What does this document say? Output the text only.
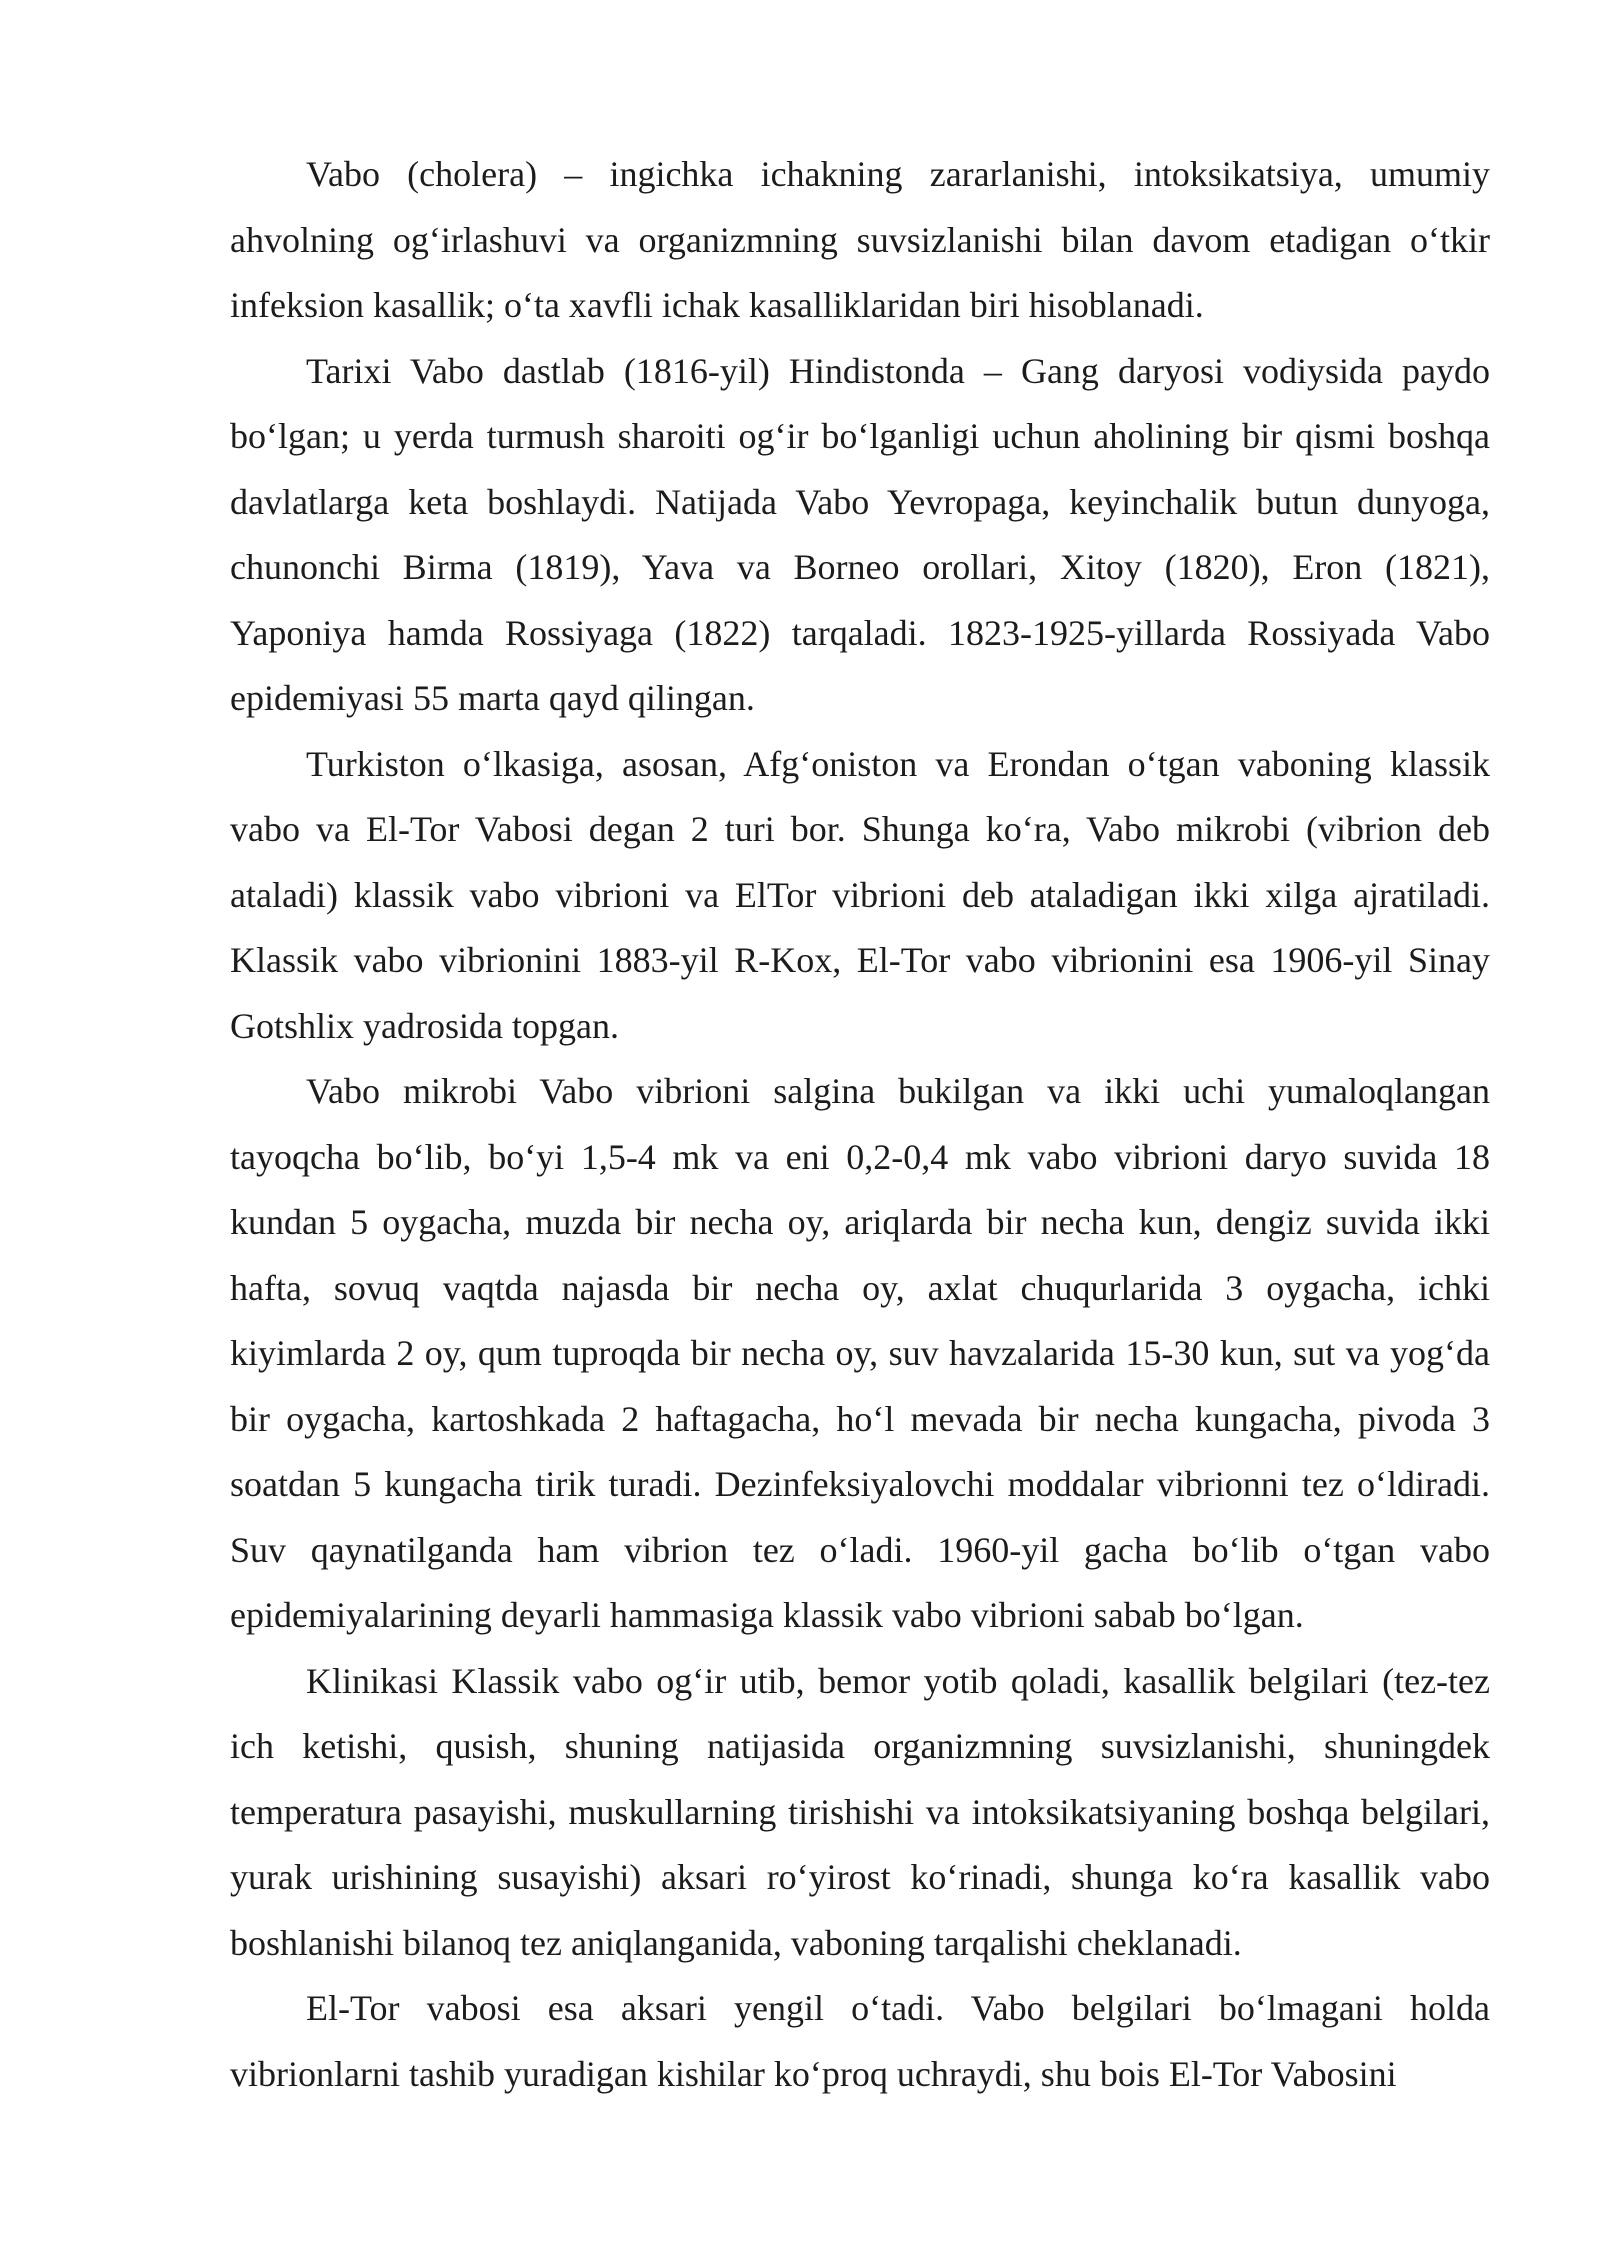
Vabo (cholera) – ingichka ichakning zararlanishi, intoksikatsiya, umumiy ahvolning ogʻirlashuvi va organizmning suvsizlanishi bilan davom etadigan oʻtkir infeksion kasallik; oʻta xavfli ichak kasalliklaridan biri hisoblanadi.

Tarixi Vabo dastlab (1816-yil) Hindistonda – Gang daryosi vodiysida paydo boʻlgan; u yerda turmush sharoiti ogʻir boʻlganligi uchun aholining bir qismi boshqa davlatlarga keta boshlaydi. Natijada Vabo Yevropaga, keyinchalik butun dunyoga, chunonchi Birma (1819), Yava va Borneo orollari, Xitoy (1820), Eron (1821), Yaponiya hamda Rossiyaga (1822) tarqaladi. 1823-1925-yillarda Rossiyada Vabo epidemiyasi 55 marta qayd qilingan.

Turkiston oʻlkasiga, asosan, Afgʻoniston va Erondan oʻtgan vaboning klassik vabo va El-Tor Vabosi degan 2 turi bor. Shunga koʻra, Vabo mikrobi (vibrion deb ataladi) klassik vabo vibrioni va ElTor vibrioni deb ataladigan ikki xilga ajratiladi. Klassik vabo vibrionini 1883-yil R-Kox, El-Tor vabo vibrionini esa 1906-yil Sinay Gotshlix yadrosida topgan.

Vabo mikrobi Vabo vibrioni salgina bukilgan va ikki uchi yumaloqlangan tayoqcha boʻlib, boʻyi 1,5-4 mk va eni 0,2-0,4 mk vabo vibrioni daryo suvida 18 kundan 5 oygacha, muzda bir necha oy, ariqlarda bir necha kun, dengiz suvida ikki hafta, sovuq vaqtda najasda bir necha oy, axlat chuqurlarida 3 oygacha, ichki kiyimlarda 2 oy, qum tuproqda bir necha oy, suv havzalarida 15-30 kun, sut va yogʻda bir oygacha, kartoshkada 2 haftagacha, hoʻl mevada bir necha kungacha, pivoda 3 soatdan 5 kungacha tirik turadi. Dezinfeksiyalovchi moddalar vibrionni tez oʻldiradi. Suv qaynatilganda ham vibrion tez oʻladi. 1960-yil gacha boʻlib oʻtgan vabo epidemiyalarining deyarli hammasiga klassik vabo vibrioni sabab boʻlgan.

Klinikasi Klassik vabo ogʻir utib, bemor yotib qoladi, kasallik belgilari (tez-tez ich ketishi, qusish, shuning natijasida organizmning suvsizlanishi, shuningdek temperatura pasayishi, muskullarning tirishishi va intoksikatsiyaning boshqa belgilari, yurak urishining susayishi) aksari roʻyirost koʻrinadi, shunga koʻra kasallik vabo boshlanishi bilanoq tez aniqlanganida, vaboning tarqalishi cheklanadi.

El-Tor vabosi esa aksari yengil oʻtadi. Vabo belgilari boʻlmagani holda vibrionlarni tashib yuradigan kishilar koʻproq uchraydi, shu bois El-Tor Vabosini
